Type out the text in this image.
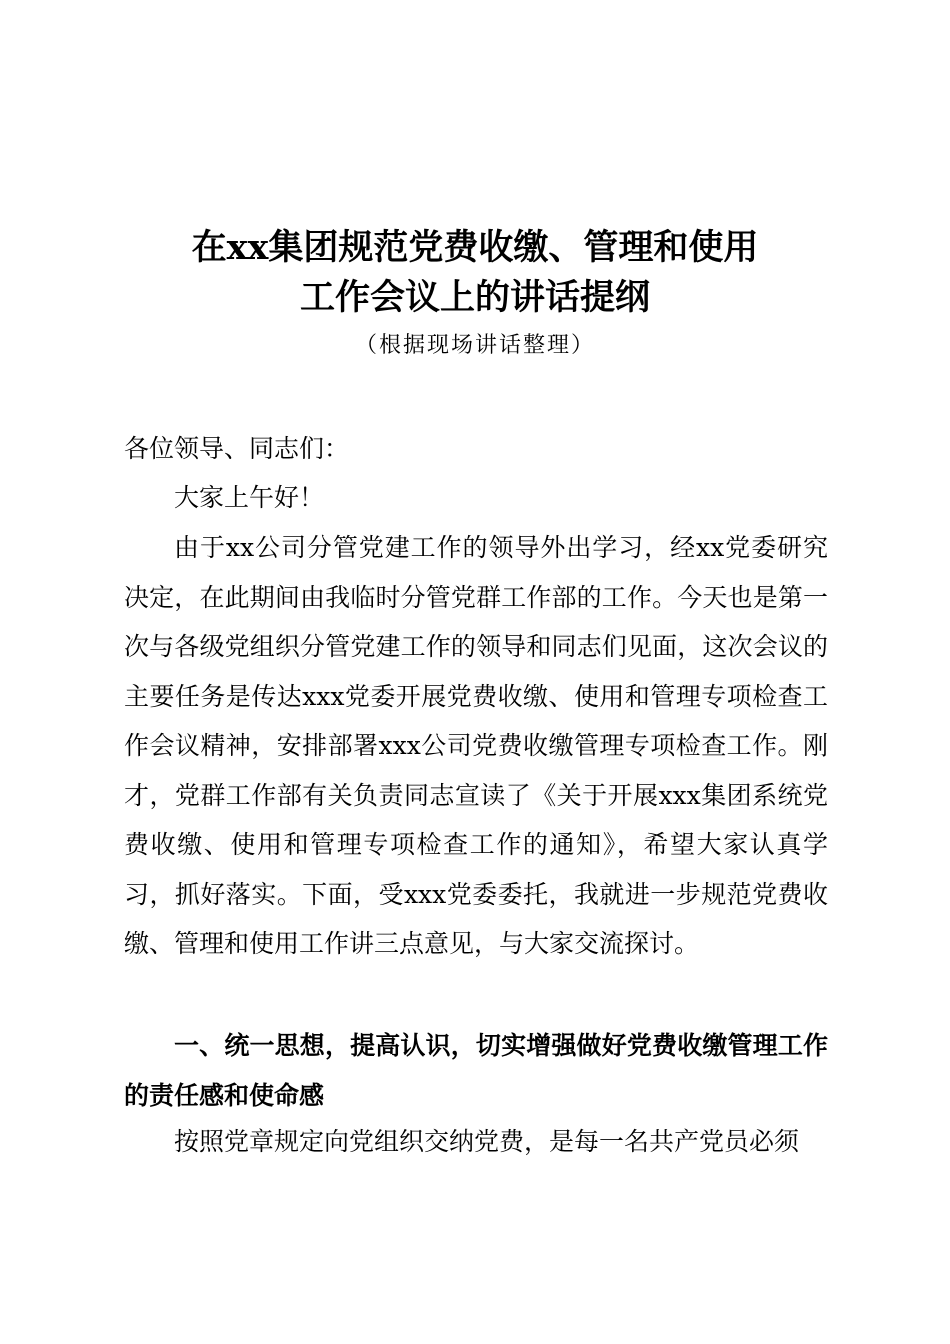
在xx集团规范党费收缴、管理和使用
工作会议上的讲话提纲
（根据现场讲话整理）

各位领导、同志们：

大家上午好！

由于xx公司分管党建工作的领导外出学习，经xx党委研究决定，在此期间由我临时分管党群工作部的工作。今天也是第一次与各级党组织分管党建工作的领导和同志们见面，这次会议的主要任务是传达xxx党委开展党费收缴、使用和管理专项检查工作会议精神，安排部署xxx公司党费收缴管理专项检查工作。刚才，党群工作部有关负责同志宣读了《关于开展xxx集团系统党费收缴、使用和管理专项检查工作的通知》，希望大家认真学习，抓好落实。下面，受xxx党委委托，我就进一步规范党费收缴、管理和使用工作讲三点意见，与大家交流探讨。

一、统一思想，提高认识，切实增强做好党费收缴管理工作的责任感和使命感

按照党章规定向党组织交纳党费，是每一名共产党员必须
